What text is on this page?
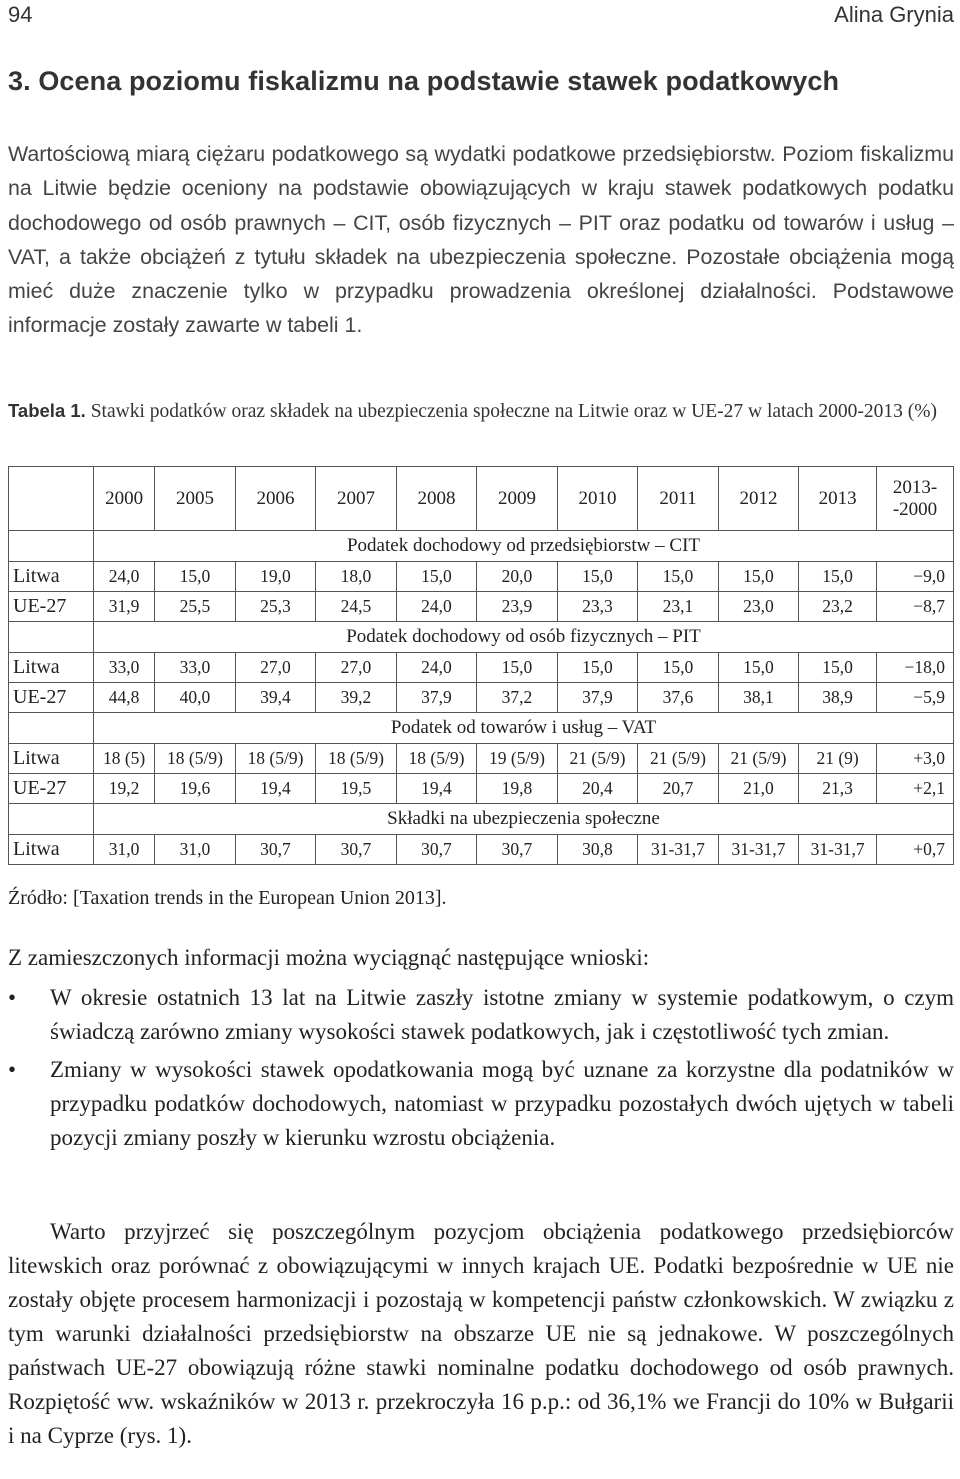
94	Alina Grynia
3. Ocena poziomu fiskalizmu na podstawie stawek podatkowych

Wartościową miarą ciężaru podatkowego są wydatki podatkowe przedsiębiorstw. Poziom fiskalizmu na Litwie będzie oceniony na podstawie obowiązujących w kraju stawek podatkowych podatku dochodowego od osób prawnych – CIT, osób fizycznych – PIT oraz podatku od towarów i usług – VAT, a także obciążeń z tytułu składek na ubezpieczenia społeczne. Pozostałe obciążenia mogą mieć duże znaczenie tylko w przypadku prowadzenia określonej działalności. Podstawowe informacje zostały zawarte w tabeli 1.

Tabela 1. Stawki podatków oraz składek na ubezpieczenia społeczne na Litwie oraz w UE-27 w latach 2000-2013 (%)

	2000	2005	2006	2007	2008	2009	2010	2011	2012	2013	2013--2000
	Podatek dochodowy od przedsiębiorstw – CIT										
Litwa	24,0	15,0	19,0	18,0	15,0	20,0	15,0	15,0	15,0	15,0	−9,0
UE-27	31,9	25,5	25,3	24,5	24,0	23,9	23,3	23,1	23,0	23,2	−8,7
	Podatek dochodowy od osób fizycznych – PIT										
Litwa	33,0	33,0	27,0	27,0	24,0	15,0	15,0	15,0	15,0	15,0	−18,0
UE-27	44,8	40,0	39,4	39,2	37,9	37,2	37,9	37,6	38,1	38,9	−5,9
	Podatek od towarów i usług – VAT										
Litwa	18 (5)	18 (5/9)	18 (5/9)	18 (5/9)	18 (5/9)	19 (5/9)	21 (5/9)	21 (5/9)	21 (5/9)	21 (9)	+3,0
UE-27	19,2	19,6	19,4	19,5	19,4	19,8	20,4	20,7	21,0	21,3	+2,1
	Składki na ubezpieczenia społeczne										
Litwa	31,0	31,0	30,7	30,7	30,7	30,7	30,8	31-31,7	31-31,7	31-31,7	+0,7
Źródło: [Taxation trends in the European Union 2013].
Z zamieszczonych informacji można wyciągnąć następujące wnioski:
• W okresie ostatnich 13 lat na Litwie zaszły istotne zmiany w systemie podatkowym, o czym świadczą zarówno zmiany wysokości stawek podatkowych, jak i częstotliwość tych zmian.
• Zmiany w wysokości stawek opodatkowania mogą być uznane za korzystne dla podatników w przypadku podatków dochodowych, natomiast w przypadku pozostałych dwóch ujętych w tabeli pozycji zmiany poszły w kierunku wzrostu obciążenia.

Warto przyjrzeć się poszczególnym pozycjom obciążenia podatkowego przedsiębiorców litewskich oraz porównać z obowiązującymi w innych krajach UE. Podatki bezpośrednie w UE nie zostały objęte procesem harmonizacji i pozostają w kompetencji państw członkowskich. W związku z tym warunki działalności przedsiębiorstw na obszarze UE nie są jednakowe. W poszczególnych państwach UE-27 obowiązują różne stawki nominalne podatku dochodowego od osób prawnych. Rozpiętość ww. wskaźników w 2013 r. przekroczyła 16 p.p.: od 36,1% we Francji do 10% w Bułgarii i na Cyprze (rys. 1).
